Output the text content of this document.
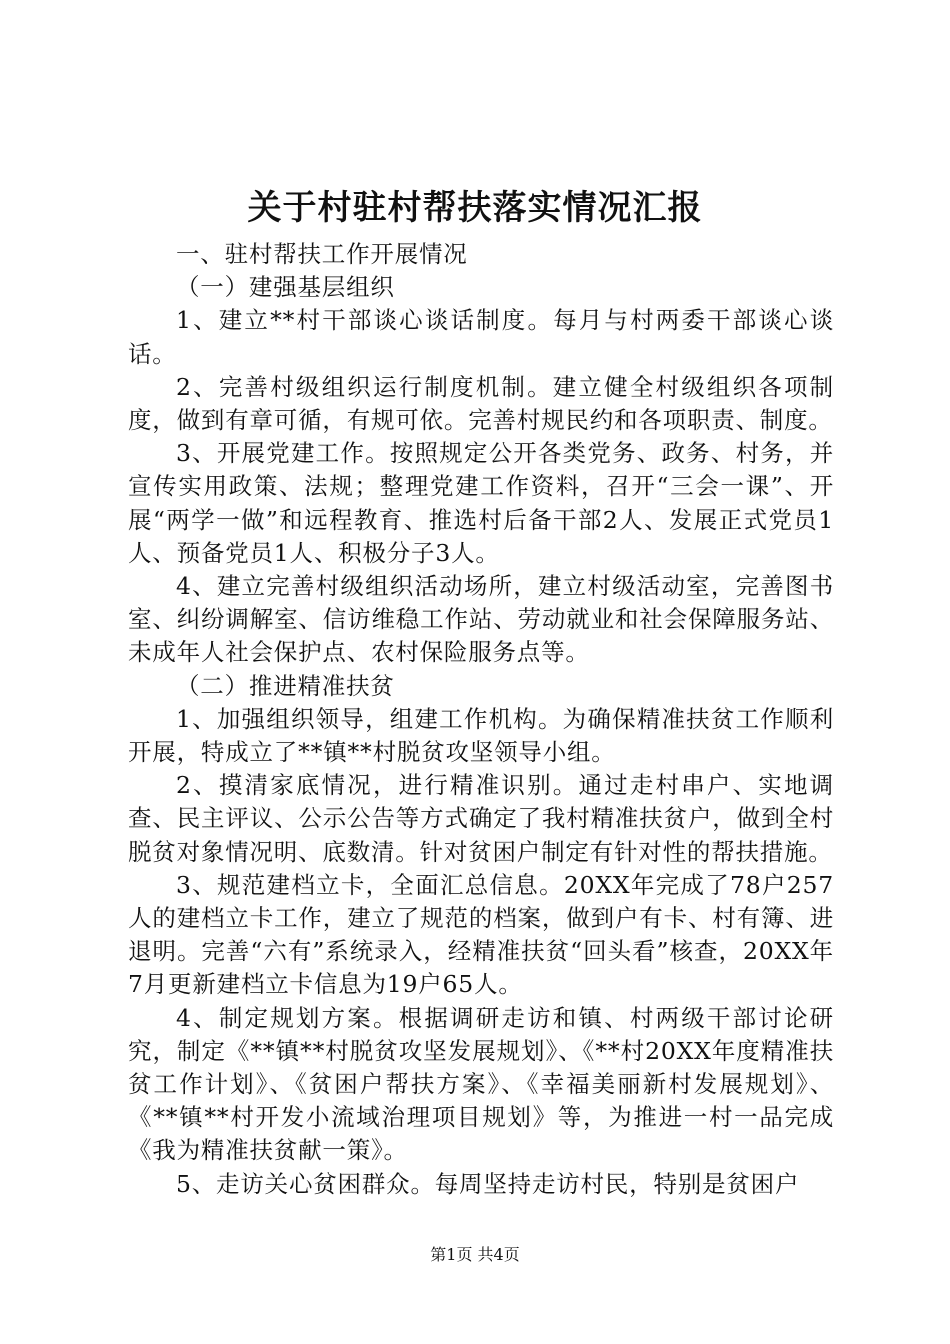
关于村驻村帮扶落实情况汇报

一、驻村帮扶工作开展情况

（一）建强基层组织

1、建立**村干部谈心谈话制度。每月与村两委干部谈心谈话。

2、完善村级组织运行制度机制。建立健全村级组织各项制度，做到有章可循，有规可依。完善村规民约和各项职责、制度。

3、开展党建工作。按照规定公开各类党务、政务、村务，并宣传实用政策、法规；整理党建工作资料，召开“三会一课”、开展“两学一做”和远程教育、推选村后备干部2人、发展正式党员1人、预备党员1人、积极分子3人。

4、建立完善村级组织活动场所，建立村级活动室，完善图书室、纠纷调解室、信访维稳工作站、劳动就业和社会保障服务站、未成年人社会保护点、农村保险服务点等。

（二）推进精准扶贫

1、加强组织领导，组建工作机构。为确保精准扶贫工作顺利开展，特成立了**镇**村脱贫攻坚领导小组。

2、摸清家底情况，进行精准识别。通过走村串户、实地调查、民主评议、公示公告等方式确定了我村精准扶贫户，做到全村脱贫对象情况明、底数清。针对贫困户制定有针对性的帮扶措施。

3、规范建档立卡，全面汇总信息。20XX年完成了78户257人的建档立卡工作，建立了规范的档案，做到户有卡、村有簿、进退明。完善“六有”系统录入，经精准扶贫“回头看”核查，20XX年7月更新建档立卡信息为19户65人。

4、制定规划方案。根据调研走访和镇、村两级干部讨论研究，制定《**镇**村脱贫攻坚发展规划》、《**村20XX年度精准扶贫工作计划》、《贫困户帮扶方案》、《幸福美丽新村发展规划》、《**镇**村开发小流域治理项目规划》等，为推进一村一品完成《我为精准扶贫献一策》。

5、走访关心贫困群众。每周坚持走访村民，特别是贫困户

第1页 共4页
